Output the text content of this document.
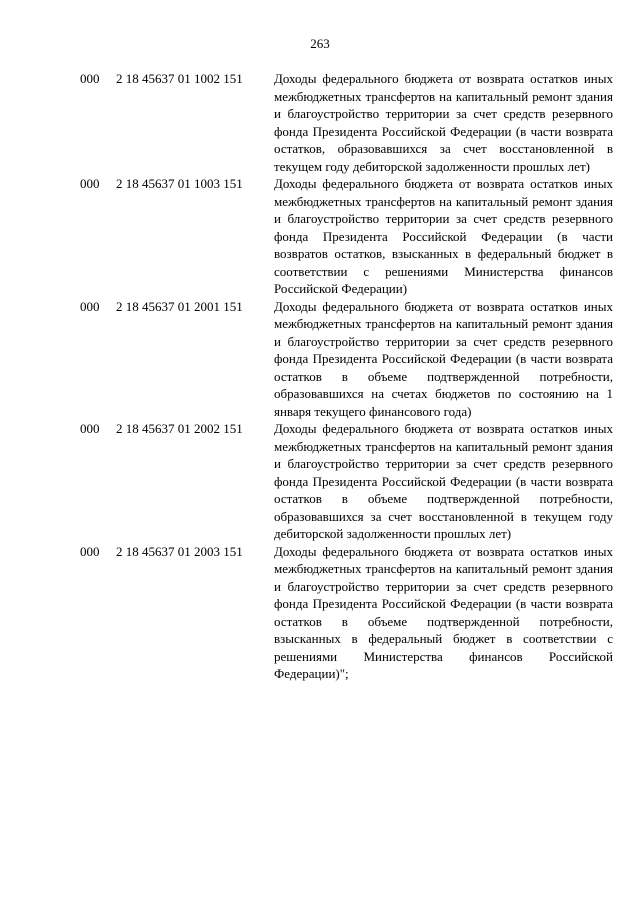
263
000	2 18 45637 01 1002 151	Доходы федерального бюджета от возврата остатков иных межбюджетных трансфертов на капитальный ремонт здания и благоустройство территории за счет средств резервного фонда Президента Российской Федерации (в части возврата остатков, образовавшихся за счет восстановленной в текущем году дебиторской задолженности прошлых лет)
000	2 18 45637 01 1003 151	Доходы федерального бюджета от возврата остатков иных межбюджетных трансфертов на капитальный ремонт здания и благоустройство территории за счет средств резервного фонда Президента Российской Федерации (в части возвратов остатков, взысканных в федеральный бюджет в соответствии с решениями Министерства финансов Российской Федерации)
000	2 18 45637 01 2001 151	Доходы федерального бюджета от возврата остатков иных межбюджетных трансфертов на капитальный ремонт здания и благоустройство территории за счет средств резервного фонда Президента Российской Федерации (в части возврата остатков в объеме подтвержденной потребности, образовавшихся на счетах бюджетов по состоянию на 1 января текущего финансового года)
000	2 18 45637 01 2002 151	Доходы федерального бюджета от возврата остатков иных межбюджетных трансфертов на капитальный ремонт здания и благоустройство территории за счет средств резервного фонда Президента Российской Федерации (в части возврата остатков в объеме подтвержденной потребности, образовавшихся за счет восстановленной в текущем году дебиторской задолженности прошлых лет)
000	2 18 45637 01 2003 151	Доходы федерального бюджета от возврата остатков иных межбюджетных трансфертов на капитальный ремонт здания и благоустройство территории за счет средств резервного фонда Президента Российской Федерации (в части возврата остатков в объеме подтвержденной потребности, взысканных в федеральный бюджет в соответствии с решениями Министерства финансов Российской Федерации)";
